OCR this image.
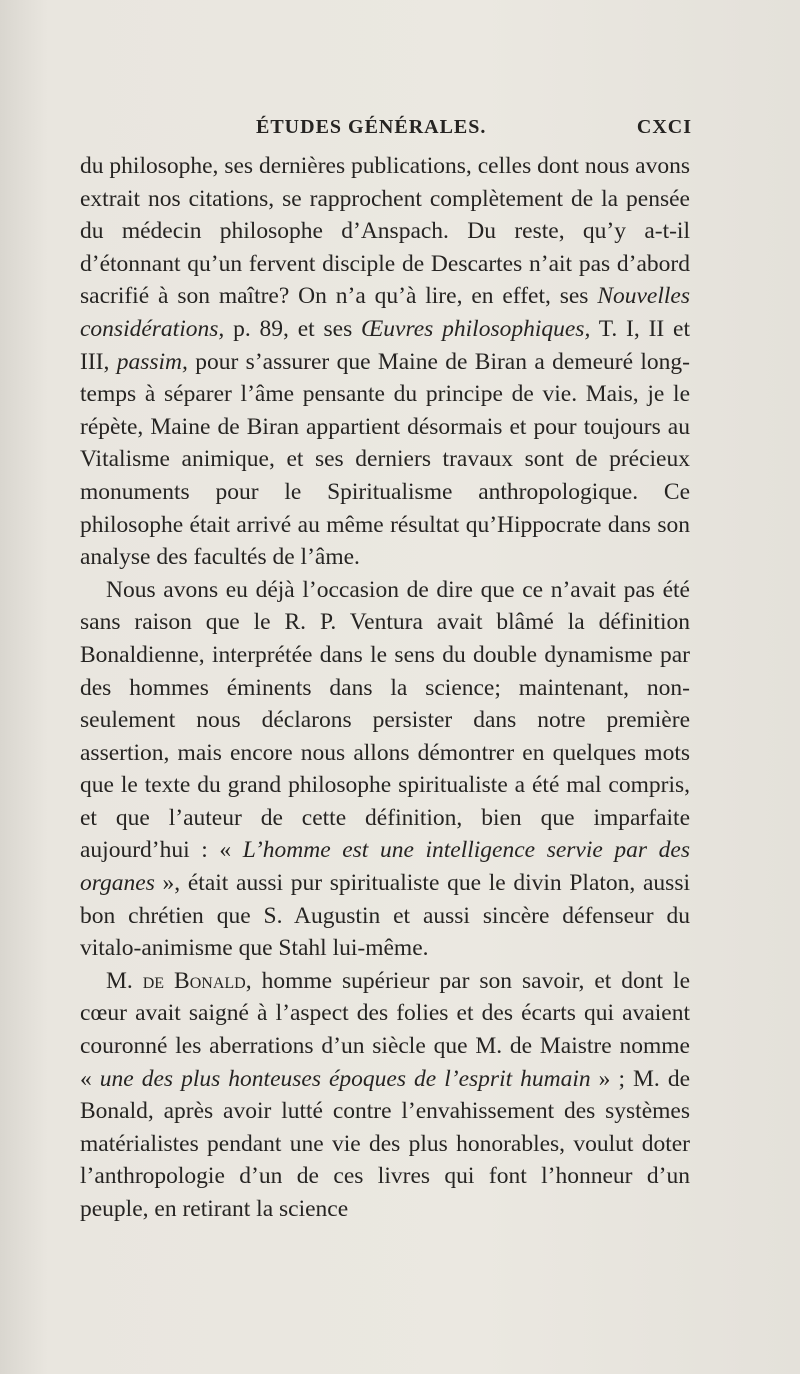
ÉTUDES GÉNÉRALES.	CXCI

du philosophe, ses dernières publications, celles dont nous avons extrait nos citations, se rapprochent complètement de la pensée du médecin philosophe d’Anspach. Du reste, qu’y a-t-il d’étonnant qu’un fervent disciple de Descartes n’ait pas d’abord sacrifié à son maître? On n’a qu’à lire, en effet, ses Nouvelles considérations, p. 89, et ses Œuvres philosophiques, T. I, II et III, passim, pour s’assurer que Maine de Biran a demeuré long-temps à séparer l’âme pensante du principe de vie. Mais, je le répète, Maine de Biran appartient désormais et pour toujours au Vitalisme animique, et ses derniers travaux sont de précieux monuments pour le Spiritualisme anthropologique. Ce philosophe était arrivé au même résultat qu’Hippocrate dans son analyse des facultés de l’âme.

Nous avons eu déjà l’occasion de dire que ce n’avait pas été sans raison que le R. P. Ventura avait blâmé la définition Bonaldienne, interprétée dans le sens du double dynamisme par des hommes éminents dans la science; maintenant, non-seulement nous déclarons persister dans notre première assertion, mais encore nous allons démontrer en quelques mots que le texte du grand philosophe spiritualiste a été mal compris, et que l’auteur de cette définition, bien que imparfaite aujourd’hui : « L’homme est une intelligence servie par des organes », était aussi pur spiritualiste que le divin Platon, aussi bon chrétien que S. Augustin et aussi sincère défenseur du vitalo-animisme que Stahl lui-même.

M. de Bonald, homme supérieur par son savoir, et dont le cœur avait saigné à l’aspect des folies et des écarts qui avaient couronné les aberrations d’un siècle que M. de Maistre nomme « une des plus honteuses époques de l’esprit humain » ; M. de Bonald, après avoir lutté contre l’envahissement des systèmes matérialistes pendant une vie des plus honorables, voulut doter l’anthropologie d’un de ces livres qui font l’honneur d’un peuple, en retirant la science
